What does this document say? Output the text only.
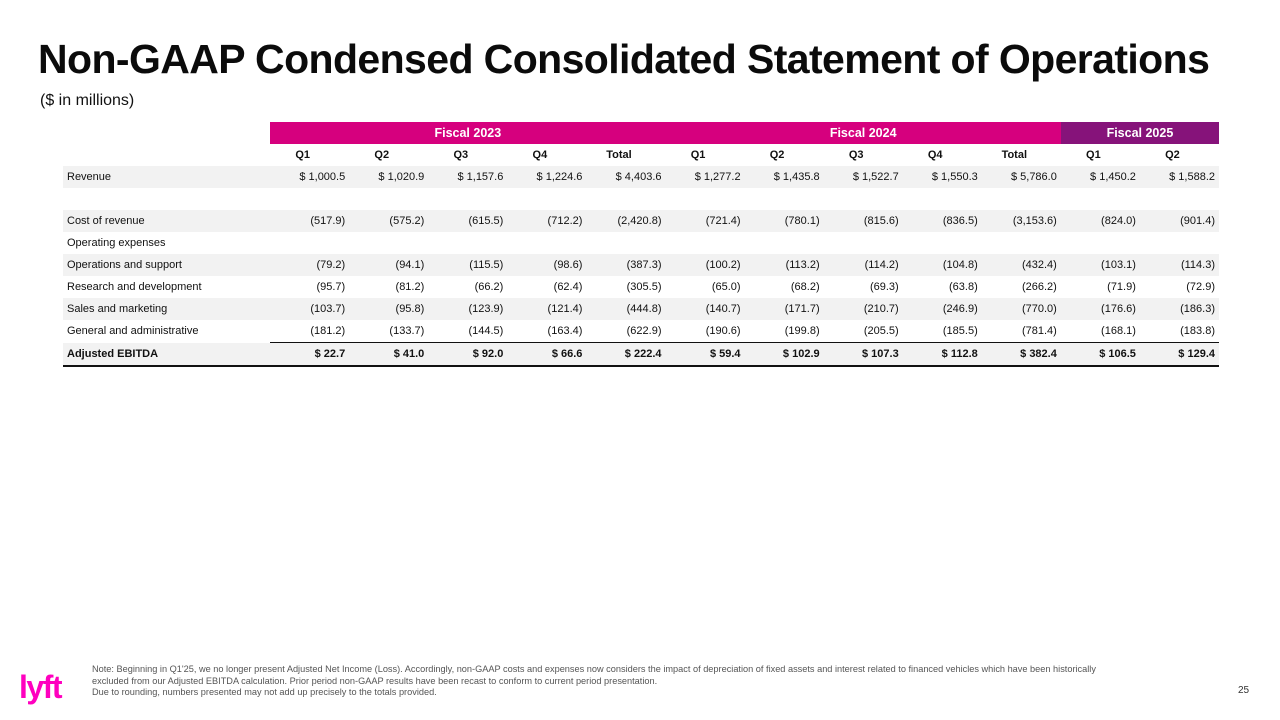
Non-GAAP Condensed Consolidated Statement of Operations
($ in millions)
	Fiscal 2023					Fiscal 2024					Fiscal 2025	
	Q1	Q2	Q3	Q4	Total	Q1	Q2	Q3	Q4	Total	Q1	Q2
Revenue	$ 1,000.5	$ 1,020.9	$ 1,157.6	$ 1,224.6	$ 4,403.6	$ 1,277.2	$ 1,435.8	$ 1,522.7	$ 1,550.3	$ 5,786.0	$ 1,450.2	$ 1,588.2

Cost of revenue	(517.9)	(575.2)	(615.5)	(712.2)	(2,420.8)	(721.4)	(780.1)	(815.6)	(836.5)	(3,153.6)	(824.0)	(901.4)
Operating expenses												
Operations and support	(79.2)	(94.1)	(115.5)	(98.6)	(387.3)	(100.2)	(113.2)	(114.2)	(104.8)	(432.4)	(103.1)	(114.3)
Research and development	(95.7)	(81.2)	(66.2)	(62.4)	(305.5)	(65.0)	(68.2)	(69.3)	(63.8)	(266.2)	(71.9)	(72.9)
Sales and marketing	(103.7)	(95.8)	(123.9)	(121.4)	(444.8)	(140.7)	(171.7)	(210.7)	(246.9)	(770.0)	(176.6)	(186.3)
General and administrative	(181.2)	(133.7)	(144.5)	(163.4)	(622.9)	(190.6)	(199.8)	(205.5)	(185.5)	(781.4)	(168.1)	(183.8)
Adjusted EBITDA	$ 22.7	$ 41.0	$ 92.0	$ 66.6	$ 222.4	$ 59.4	$ 102.9	$ 107.3	$ 112.8	$ 382.4	$ 106.5	$ 129.4
lyft	Note: Beginning in Q1'25, we no longer present Adjusted Net Income (Loss). Accordingly, non-GAAP costs and expenses now considers the impact of depreciation of fixed assets and interest related to financed vehicles which have been historically
excluded from our Adjusted EBITDA calculation. Prior period non-GAAP results have been recast to conform to current period presentation.
Due to rounding, numbers presented may not add up precisely to the totals provided.	25
